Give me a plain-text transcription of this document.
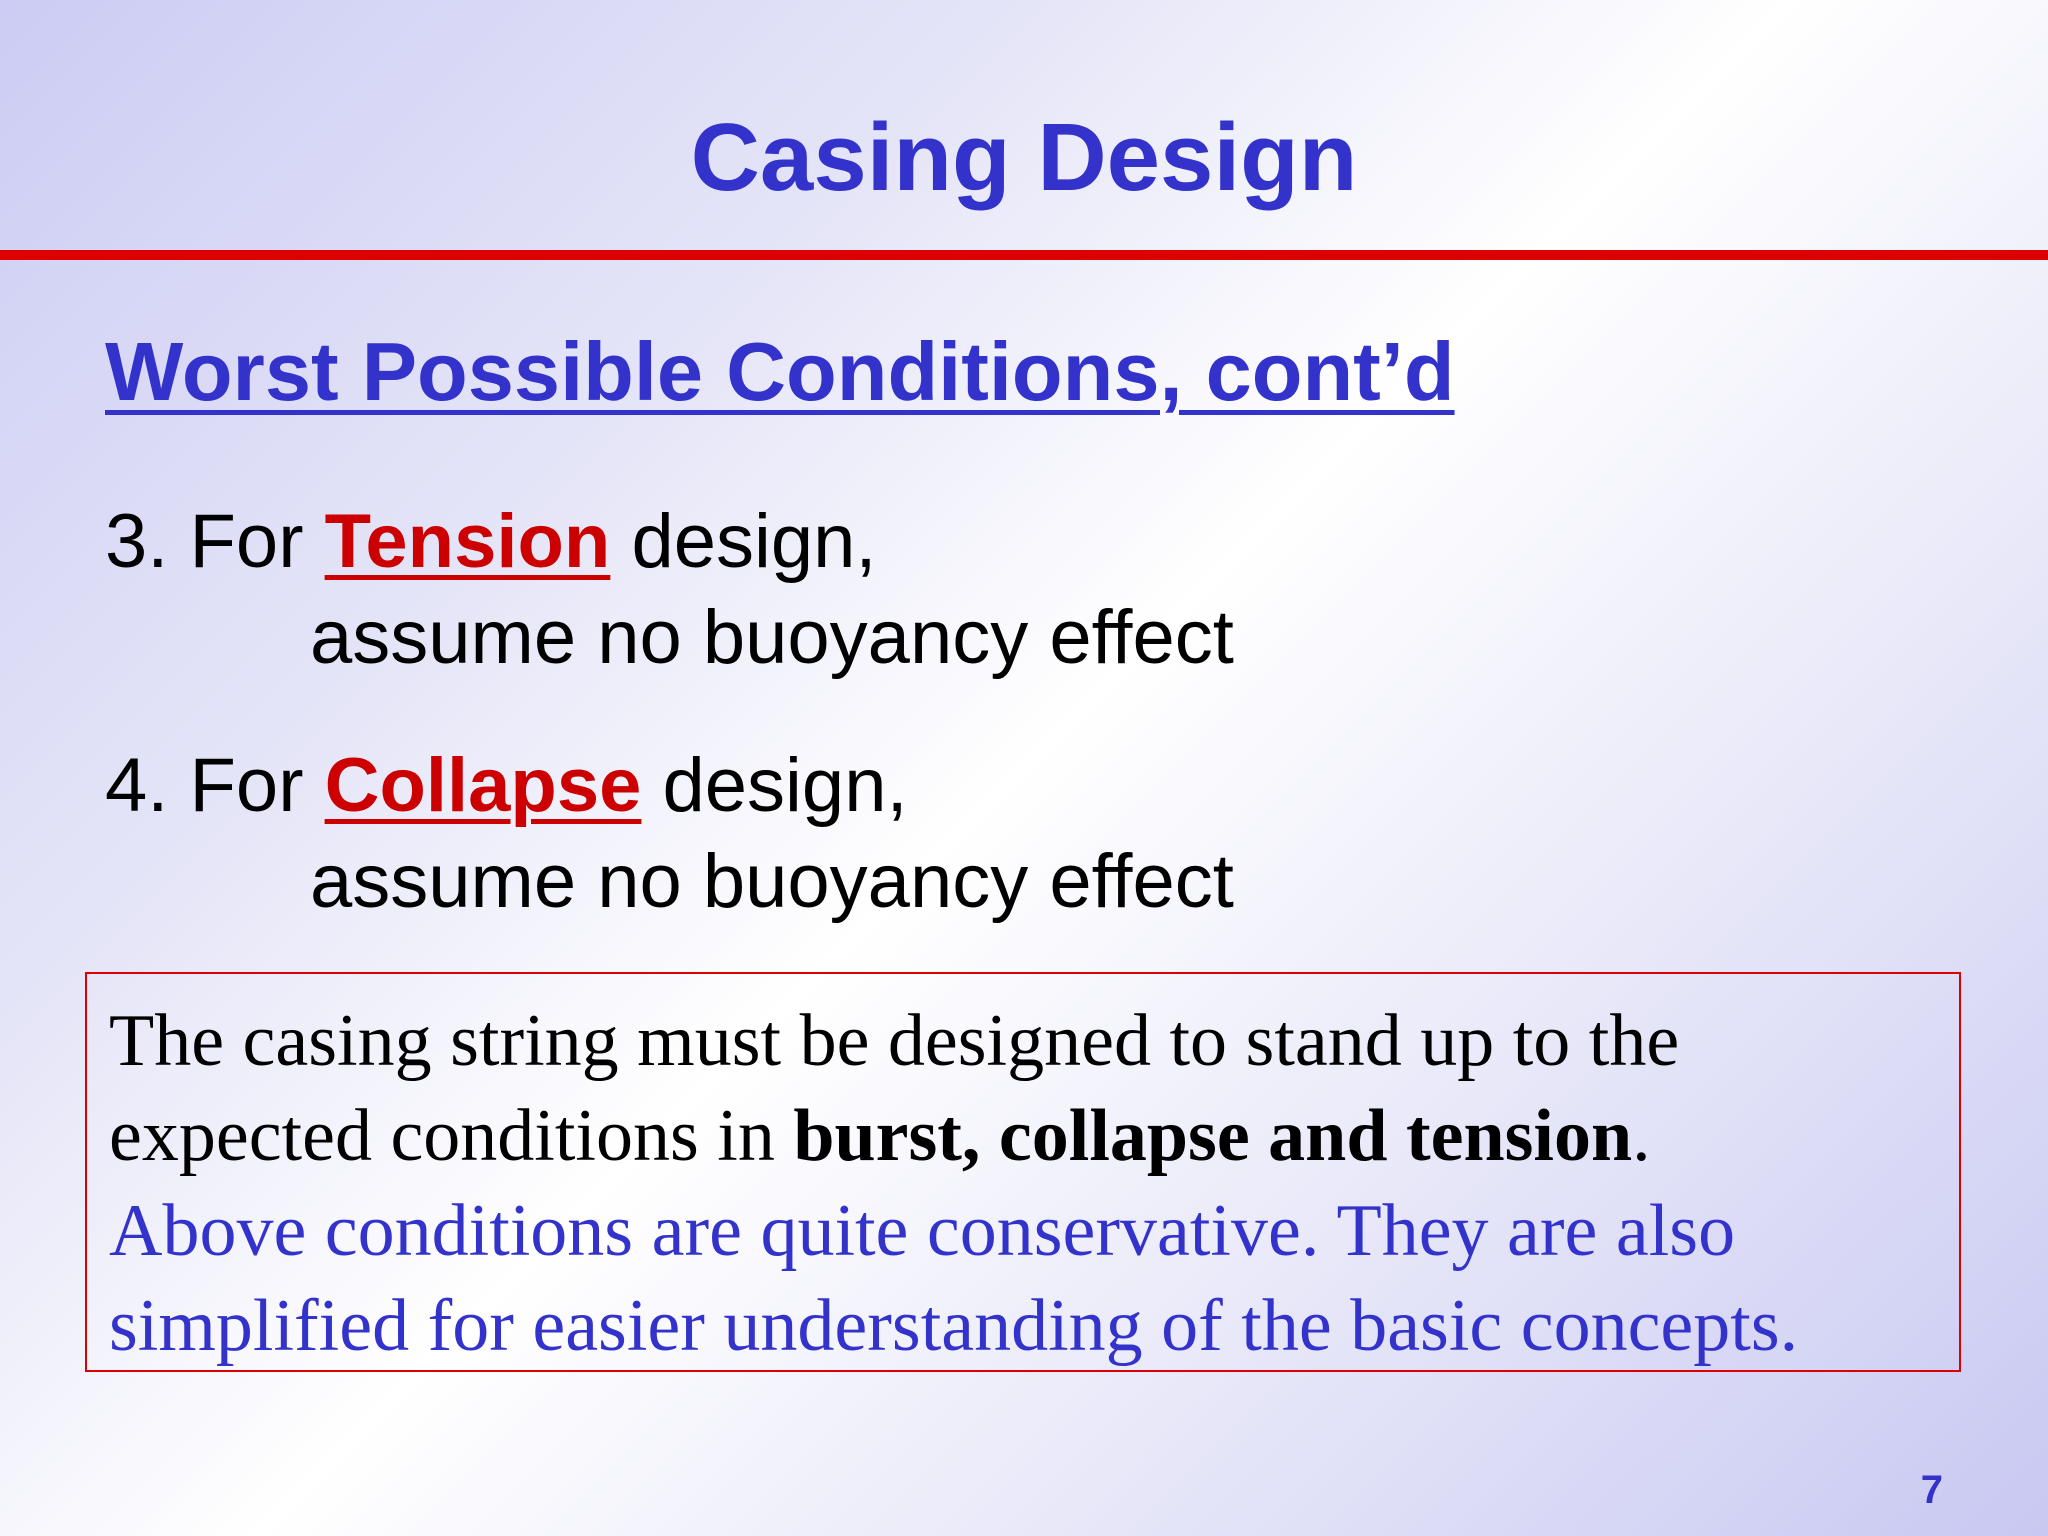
Casing Design
Worst Possible Conditions, cont’d
3. For Tension design,
assume no buoyancy effect
4. For Collapse design,
assume no buoyancy effect
The casing string must be designed to stand up to the
expected conditions in burst, collapse and tension.
Above conditions are quite conservative. They are also
simplified for easier understanding of the basic concepts.
7
